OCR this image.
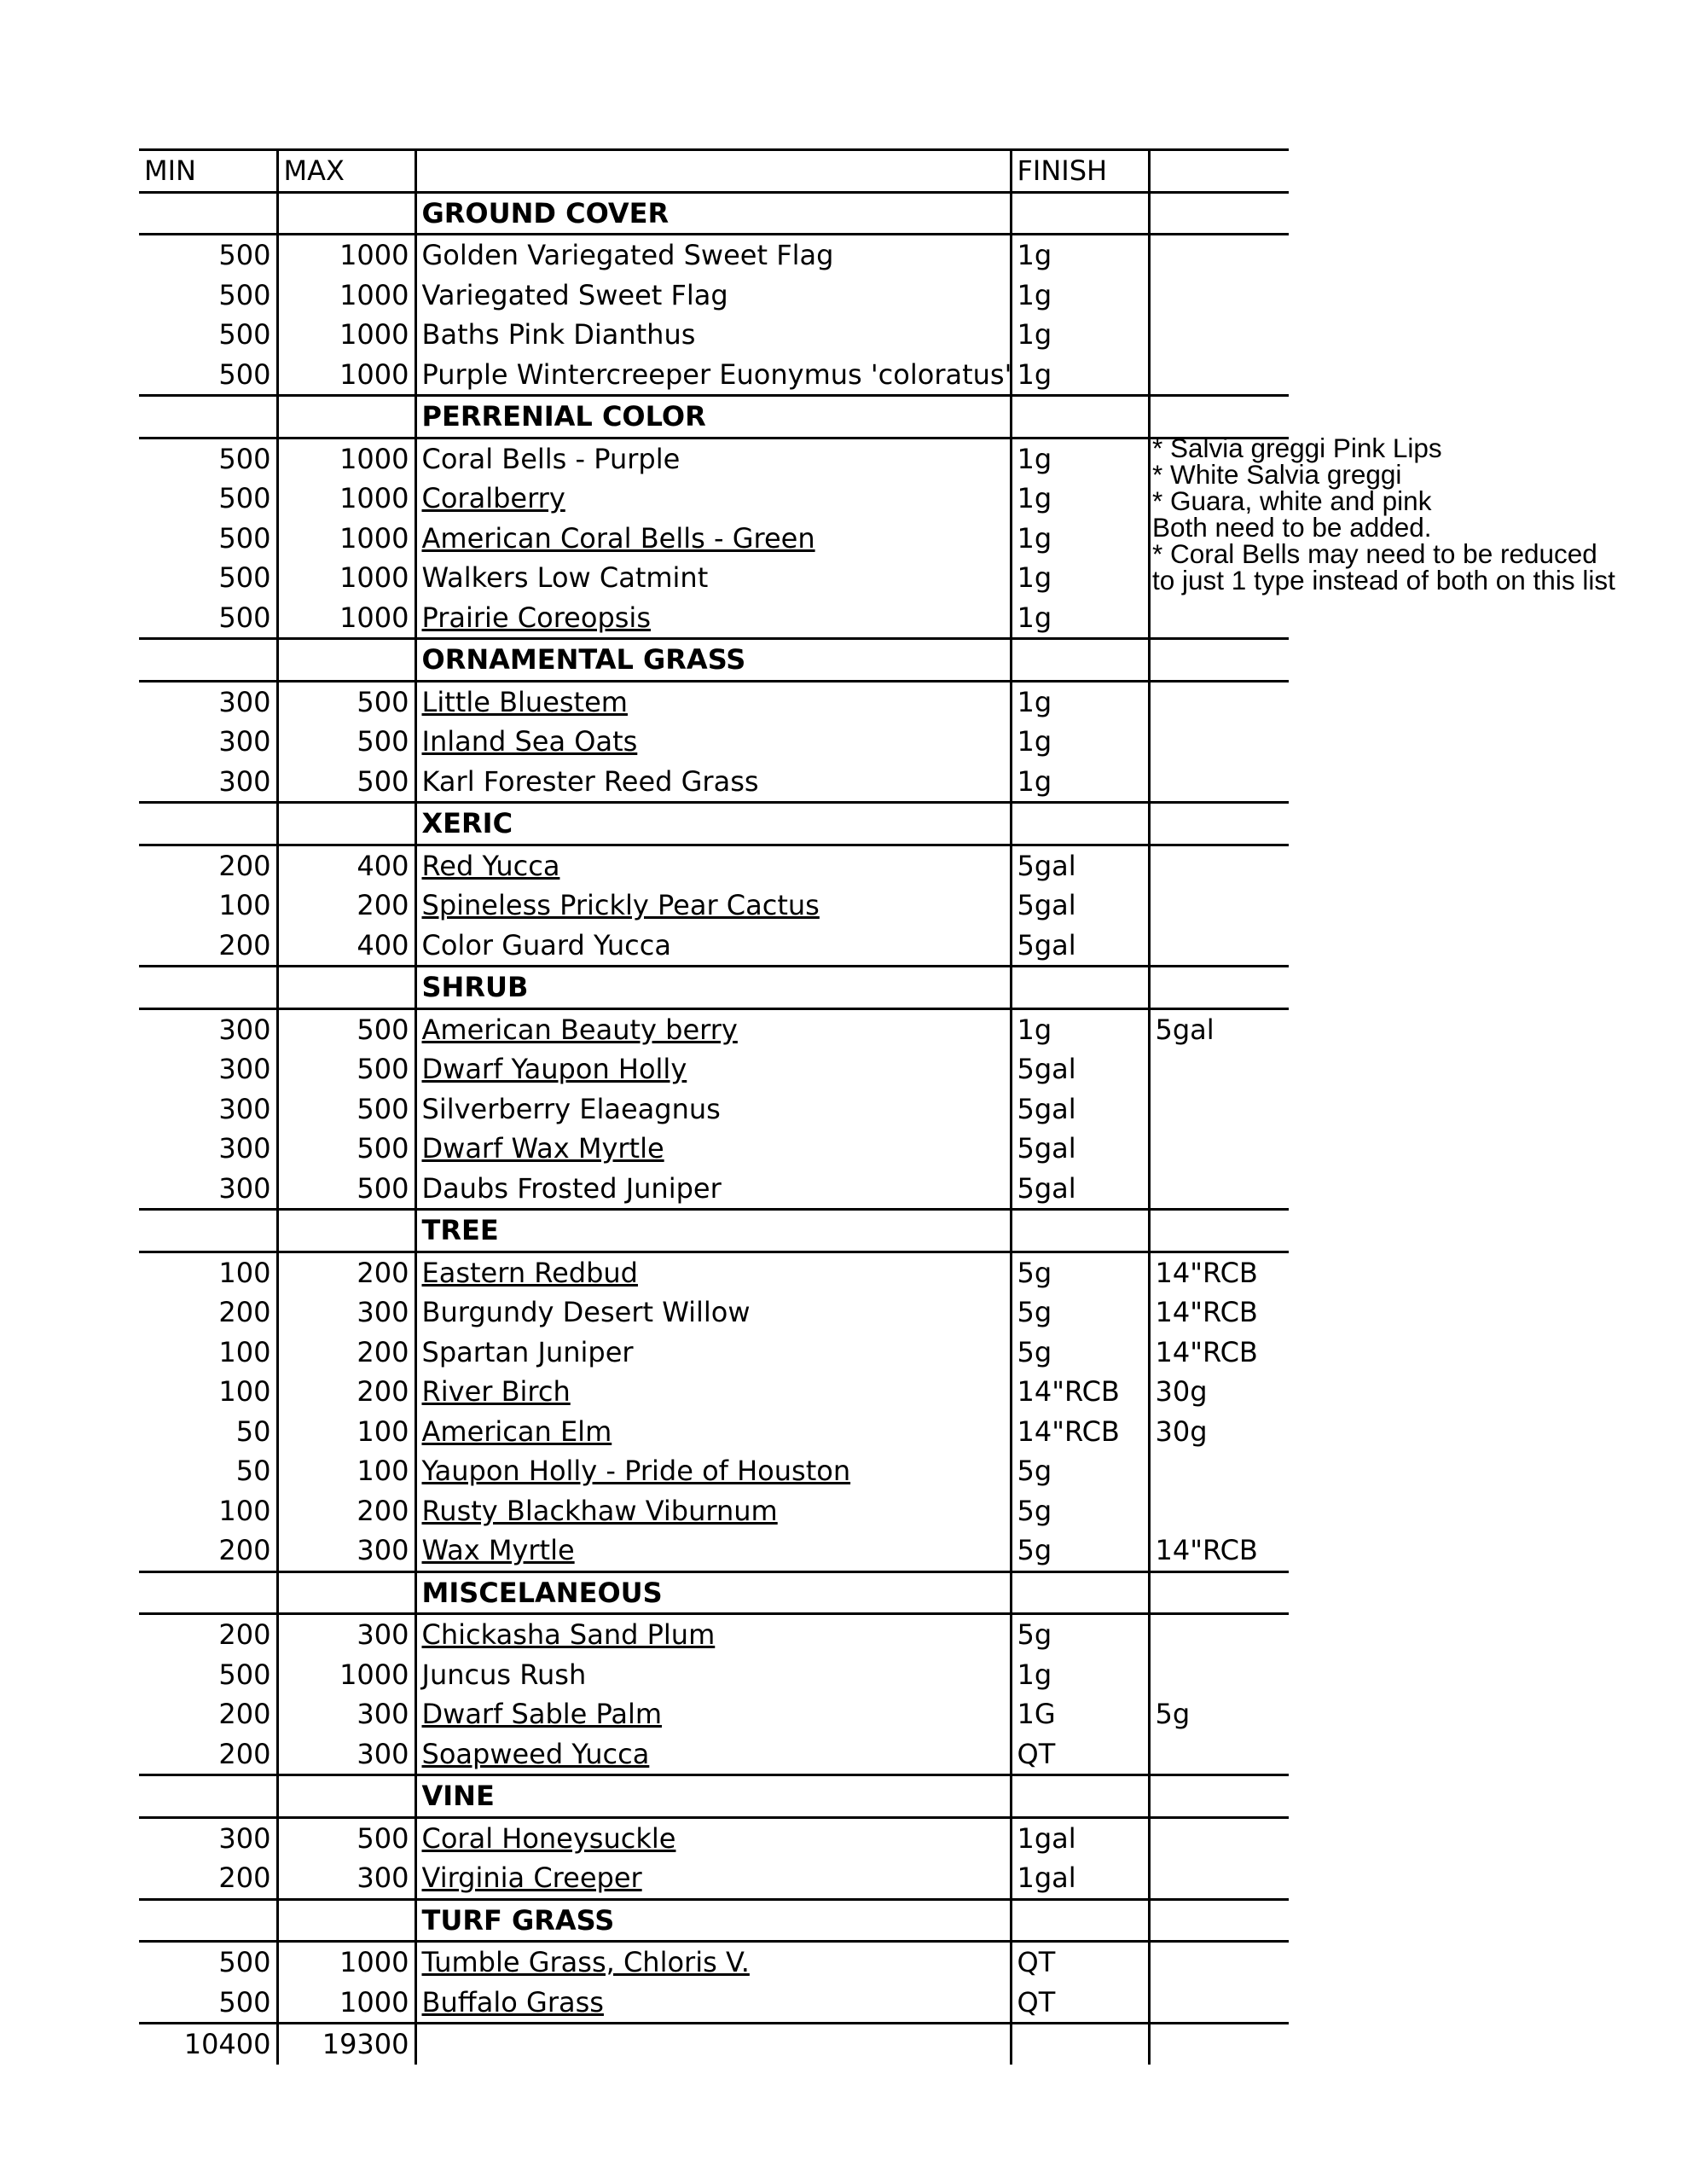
MIN	MAX		FINISH	
		GROUND COVER		
500	1000	Golden Variegated Sweet Flag	1g	
500	1000	Variegated Sweet Flag	1g	
500	1000	Baths Pink Dianthus	1g	
500	1000	Purple Wintercreeper Euonymus 'coloratus'	1g	
		PERRENIAL COLOR		
500	1000	Coral Bells - Purple	1g	
500	1000	Coralberry	1g	
500	1000	American Coral Bells - Green	1g	
500	1000	Walkers Low Catmint	1g	
500	1000	Prairie Coreopsis	1g	
		ORNAMENTAL GRASS		
300	500	Little Bluestem	1g	
300	500	Inland Sea Oats	1g	
300	500	Karl Forester Reed Grass	1g	
		XERIC		
200	400	Red Yucca	5gal	
100	200	Spineless Prickly Pear Cactus	5gal	
200	400	Color Guard Yucca	5gal	
		SHRUB		
300	500	American Beauty berry	1g	5gal
300	500	Dwarf Yaupon Holly	5gal	
300	500	Silverberry Elaeagnus	5gal	
300	500	Dwarf Wax Myrtle	5gal	
300	500	Daubs Frosted Juniper	5gal	
		TREE		
100	200	Eastern Redbud	5g	14"RCB
200	300	Burgundy Desert Willow	5g	14"RCB
100	200	Spartan Juniper	5g	14"RCB
100	200	River Birch	14"RCB	30g
50	100	American Elm	14"RCB	30g
50	100	Yaupon Holly - Pride of Houston	5g	
100	200	Rusty Blackhaw Viburnum	5g	
200	300	Wax Myrtle	5g	14"RCB
		MISCELANEOUS		
200	300	Chickasha Sand Plum	5g	
500	1000	Juncus Rush	1g	
200	300	Dwarf Sable Palm	1G	5g
200	300	Soapweed Yucca	QT	
		VINE		
300	500	Coral Honeysuckle	1gal	
200	300	Virginia Creeper	1gal	
		TURF GRASS		
500	1000	Tumble Grass, Chloris V.	QT	
500	1000	Buffalo Grass	QT	
10400	19300			
* Salvia greggi Pink Lips
* White Salvia greggi
* Guara, white and pink
Both need to be added.
* Coral Bells may need to be reduced
to just 1 type instead of both on this list
